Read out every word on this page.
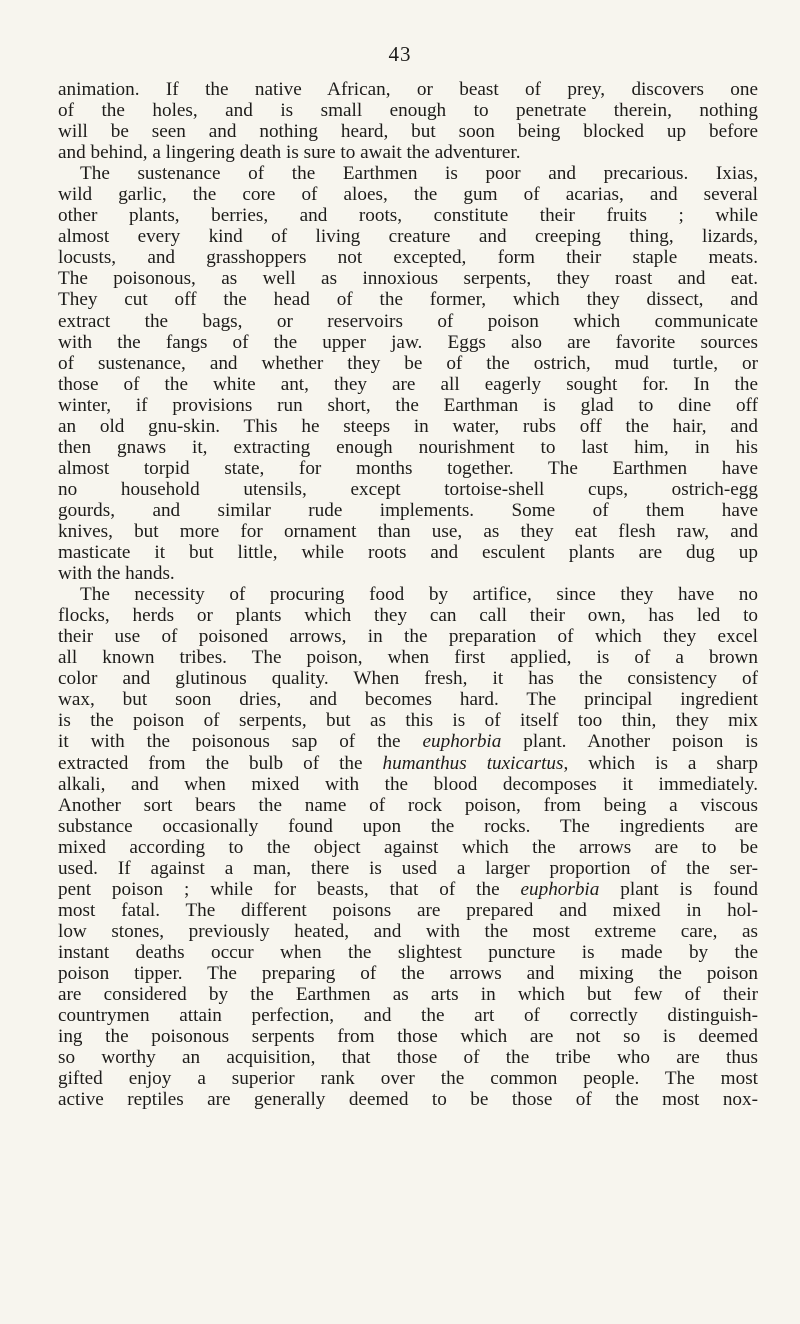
43
animation. If the native African, or beast of prey, discovers one
of the holes, and is small enough to penetrate therein, nothing
will be seen and nothing heard, but soon being blocked up before
and behind, a lingering death is sure to await the adventurer.
The sustenance of the Earthmen is poor and precarious. Ixias,
wild garlic, the core of aloes, the gum of acarias, and several
other plants, berries, and roots, constitute their fruits ; while
almost every kind of living creature and creeping thing, lizards,
locusts, and grasshoppers not excepted, form their staple meats.
The poisonous, as well as innoxious serpents, they roast and eat.
They cut off the head of the former, which they dissect, and
extract the bags, or reservoirs of poison which communicate
with the fangs of the upper jaw. Eggs also are favorite sources
of sustenance, and whether they be of the ostrich, mud turtle, or
those of the white ant, they are all eagerly sought for. In the
winter, if provisions run short, the Earthman is glad to dine off
an old gnu-skin. This he steeps in water, rubs off the hair, and
then gnaws it, extracting enough nourishment to last him, in his
almost torpid state, for months together. The Earthmen have
no household utensils, except tortoise-shell cups, ostrich-egg
gourds, and similar rude implements. Some of them have
knives, but more for ornament than use, as they eat flesh raw, and
masticate it but little, while roots and esculent plants are dug up
with the hands.
The necessity of procuring food by artifice, since they have no
flocks, herds or plants which they can call their own, has led to
their use of poisoned arrows, in the preparation of which they excel
all known tribes. The poison, when first applied, is of a brown
color and glutinous quality. When fresh, it has the consistency of
wax, but soon dries, and becomes hard. The principal ingredient
is the poison of serpents, but as this is of itself too thin, they mix
it with the poisonous sap of the euphorbia plant. Another poison is
extracted from the bulb of the humanthus tuxicartus, which is a sharp
alkali, and when mixed with the blood decomposes it immediately.
Another sort bears the name of rock poison, from being a viscous
substance occasionally found upon the rocks. The ingredients are
mixed according to the object against which the arrows are to be
used. If against a man, there is used a larger proportion of the ser-
pent poison ; while for beasts, that of the euphorbia plant is found
most fatal. The different poisons are prepared and mixed in hol-
low stones, previously heated, and with the most extreme care, as
instant deaths occur when the slightest puncture is made by the
poison tipper. The preparing of the arrows and mixing the poison
are considered by the Earthmen as arts in which but few of their
countrymen attain perfection, and the art of correctly distinguish-
ing the poisonous serpents from those which are not so is deemed
so worthy an acquisition, that those of the tribe who are thus
gifted enjoy a superior rank over the common people. The most
active reptiles are generally deemed to be those of the most nox-
